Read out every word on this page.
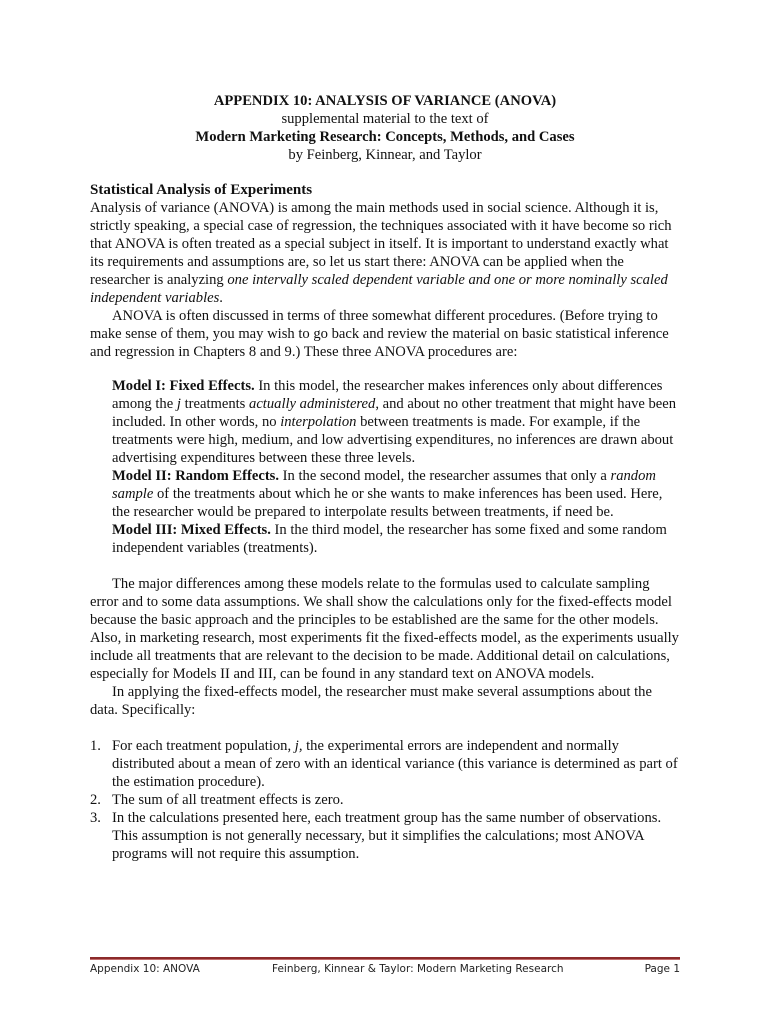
APPENDIX 10: ANALYSIS OF VARIANCE (ANOVA)
supplemental material to the text of
Modern Marketing Research: Concepts, Methods, and Cases
by Feinberg, Kinnear, and Taylor
Statistical Analysis of Experiments

Analysis of variance (ANOVA) is among the main methods used in social science. Although it is, strictly speaking, a special case of regression, the techniques associated with it have become so rich that ANOVA is often treated as a special subject in itself. It is important to understand exactly what its requirements and assumptions are, so let us start there: ANOVA can be applied when the researcher is analyzing one intervally scaled dependent variable and one or more nominally scaled independent variables.

ANOVA is often discussed in terms of three somewhat different procedures. (Before trying to make sense of them, you may wish to go back and review the material on basic statistical inference and regression in Chapters 8 and 9.) These three ANOVA procedures are:

Model I: Fixed Effects. In this model, the researcher makes inferences only about differences among the j treatments actually administered, and about no other treatment that might have been included. In other words, no interpolation between treatments is made. For example, if the treatments were high, medium, and low advertising expenditures, no inferences are drawn about advertising expenditures between these three levels.

Model II: Random Effects. In the second model, the researcher assumes that only a random sample of the treatments about which he or she wants to make inferences has been used. Here, the researcher would be prepared to interpolate results between treatments, if need be.

Model III: Mixed Effects. In the third model, the researcher has some fixed and some random independent variables (treatments).

The major differences among these models relate to the formulas used to calculate sampling error and to some data assumptions. We shall show the calculations only for the fixed-effects model because the basic approach and the principles to be established are the same for the other models. Also, in marketing research, most experiments fit the fixed-effects model, as the experiments usually include all treatments that are relevant to the decision to be made. Additional detail on calculations, especially for Models II and III, can be found in any standard text on ANOVA models.

In applying the fixed-effects model, the researcher must make several assumptions about the data. Specifically:

1. For each treatment population, j, the experimental errors are independent and normally distributed about a mean of zero with an identical variance (this variance is determined as part of the estimation procedure).
2. The sum of all treatment effects is zero.
3. In the calculations presented here, each treatment group has the same number of observations. This assumption is not generally necessary, but it simplifies the calculations; most ANOVA programs will not require this assumption.
Appendix 10: ANOVA	Feinberg, Kinnear & Taylor: Modern Marketing Research	Page 1
